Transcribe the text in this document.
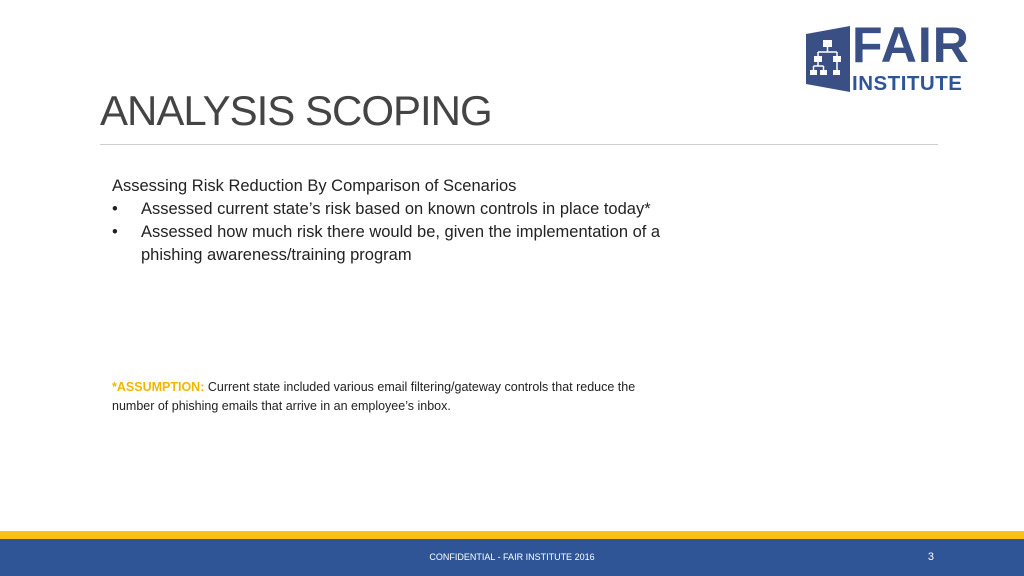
FAIR
INSTITUTE
ANALYSIS SCOPING

Assessing Risk Reduction By Comparison of Scenarios

• Assessed current state’s risk based on known controls in place today*
• Assessed how much risk there would be, given the implementation of a phishing awareness/training program
*ASSUMPTION: Current state included various email filtering/gateway controls that reduce the number of phishing emails that arrive in an employee’s inbox.
CONFIDENTIAL - FAIR INSTITUTE 2016	3
